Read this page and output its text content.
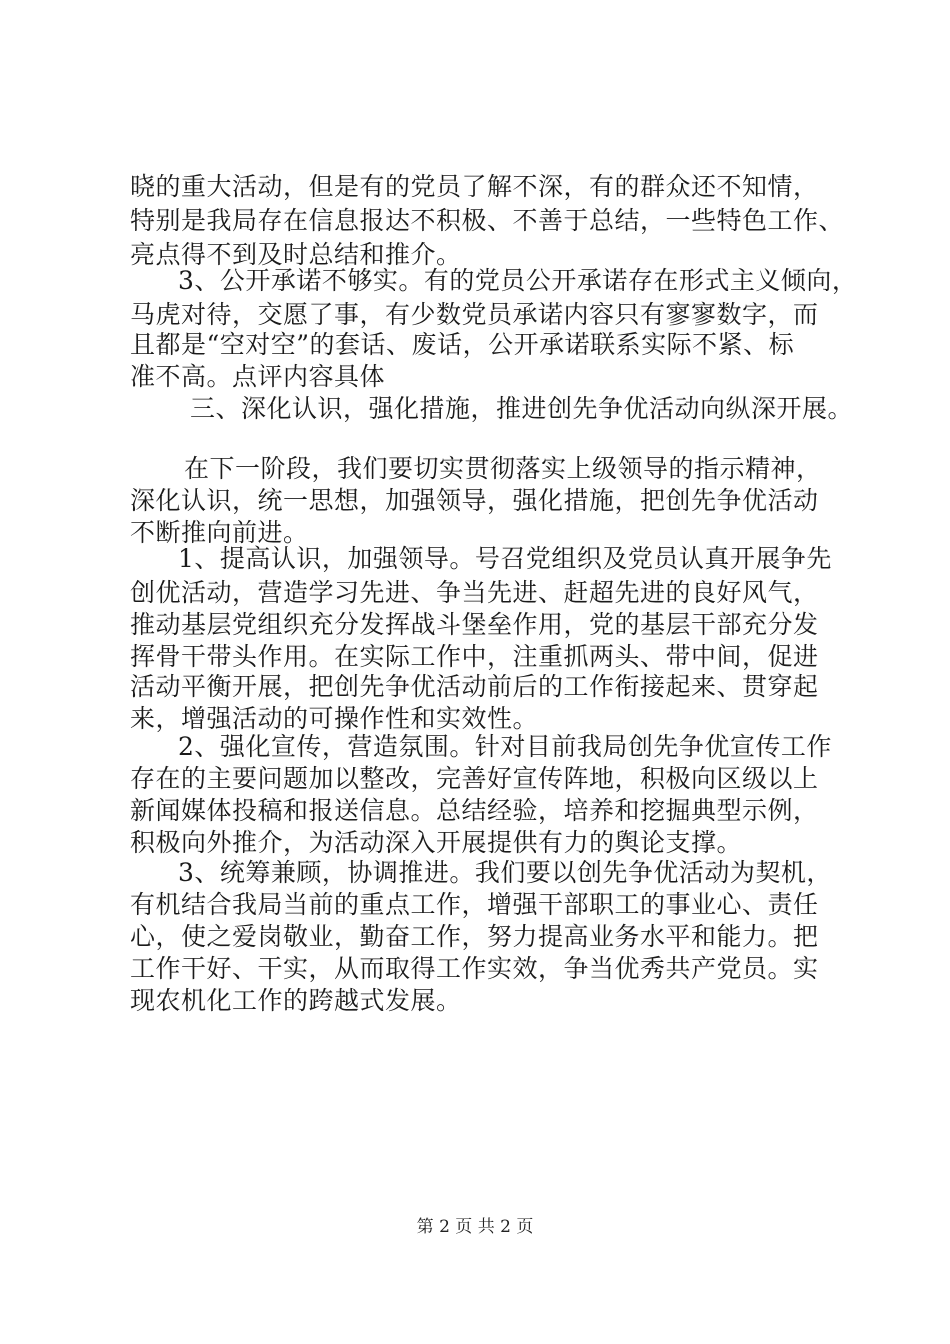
晓的重大活动，但是有的党员了解不深，有的群众还不知情，
特别是我局存在信息报达不积极、不善于总结，一些特色工作、
亮点得不到及时总结和推介。
3、公开承诺不够实。有的党员公开承诺存在形式主义倾向，
马虎对待，交愿了事，有少数党员承诺内容只有寥寥数字，而
且都是“空对空”的套话、废话，公开承诺联系实际不紧、标
准不高。点评内容具体
三、深化认识，强化措施，推进创先争优活动向纵深开展。
在下一阶段，我们要切实贯彻落实上级领导的指示精神，
深化认识，统一思想，加强领导，强化措施，把创先争优活动
不断推向前进。
1、提高认识，加强领导。号召党组织及党员认真开展争先
创优活动，营造学习先进、争当先进、赶超先进的良好风气，
推动基层党组织充分发挥战斗堡垒作用，党的基层干部充分发
挥骨干带头作用。在实际工作中，注重抓两头、带中间，促进
活动平衡开展，把创先争优活动前后的工作衔接起来、贯穿起
来，增强活动的可操作性和实效性。
2、强化宣传，营造氛围。针对目前我局创先争优宣传工作
存在的主要问题加以整改，完善好宣传阵地，积极向区级以上
新闻媒体投稿和报送信息。总结经验，培养和挖掘典型示例，
积极向外推介，为活动深入开展提供有力的舆论支撑。
3、统筹兼顾，协调推进。我们要以创先争优活动为契机，
有机结合我局当前的重点工作，增强干部职工的事业心、责任
心，使之爱岗敬业，勤奋工作，努力提高业务水平和能力。把
工作干好、干实，从而取得工作实效，争当优秀共产党员。实
现农机化工作的跨越式发展。
第 2 页 共 2 页
